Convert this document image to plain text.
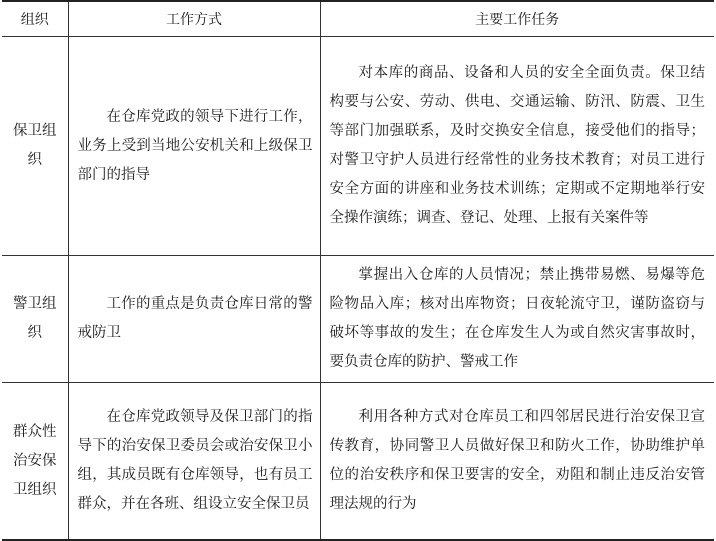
组织	工作方式	主要工作任务
保卫组织	在仓库党政的领导下进行工作，业务上受到当地公安机关和上级保卫部门的指导	对本库的商品、设备和人员的安全全面负责。保卫结构要与公安、劳动、供电、交通运输、防汛、防震、卫生等部门加强联系，及时交换安全信息，接受他们的指导；对警卫守护人员进行经常性的业务技术教育；对员工进行安全方面的讲座和业务技术训练；定期或不定期地举行安全操作演练；调查、登记、处理、上报有关案件等
警卫组织	工作的重点是负责仓库日常的警戒防卫	掌握出入仓库的人员情况；禁止携带易燃、易爆等危险物品入库；核对出库物资；日夜轮流守卫，谨防盗窃与破坏等事故的发生；在仓库发生人为或自然灾害事故时，要负责仓库的防护、警戒工作
群众性治安保卫组织	在仓库党政领导及保卫部门的指导下的治安保卫委员会或治安保卫小组，其成员既有仓库领导，也有员工群众，并在各班、组设立安全保卫员	利用各种方式对仓库员工和四邻居民进行治安保卫宣传教育，协同警卫人员做好保卫和防火工作，协助维护单位的治安秩序和保卫要害的安全，劝阻和制止违反治安管理法规的行为
